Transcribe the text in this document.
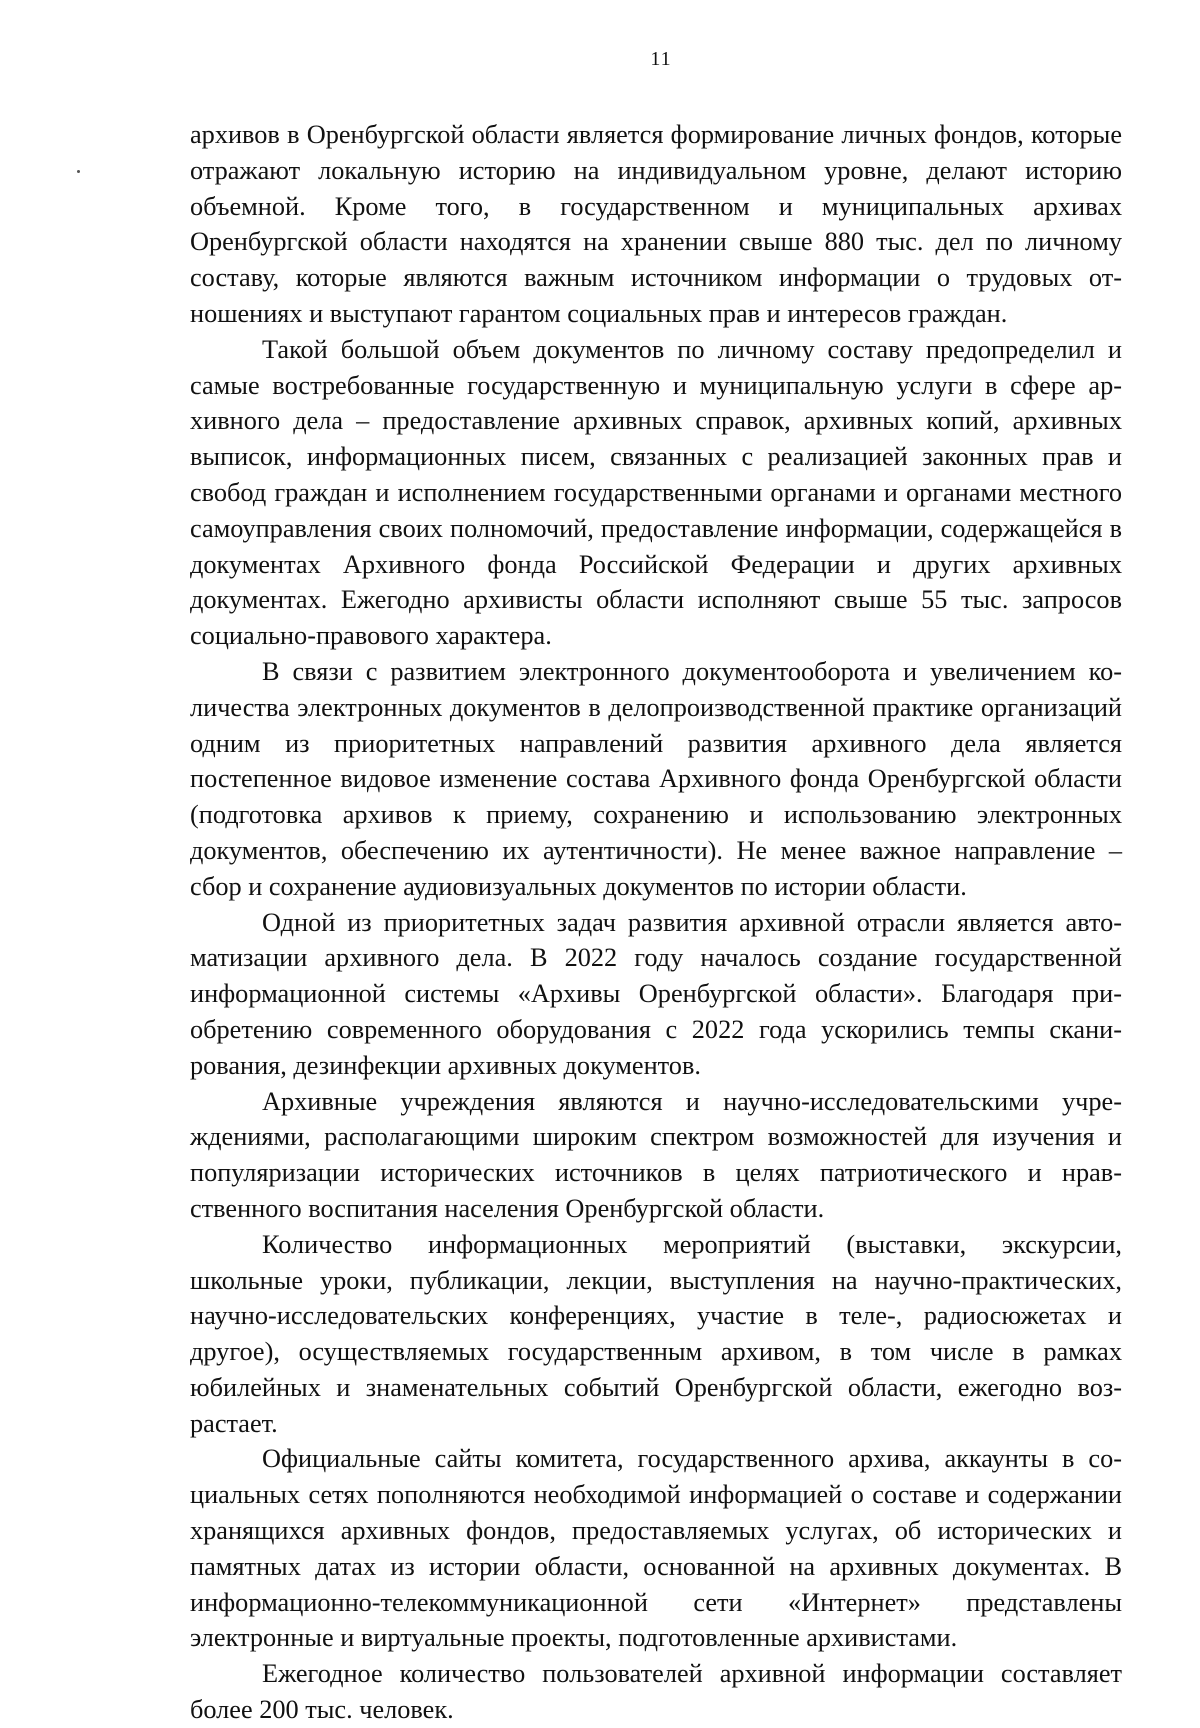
11

архивов в Оренбургской области является формирование личных фондов, которые отражают локальную историю на индивидуальном уровне, делают историю объемной. Кроме того, в государственном и муниципальных архивах Оренбургской области находятся на хранении свыше 880 тыс. дел по личному составу, которые являются важным источником информации о трудовых отношениях и выступают гарантом социальных прав и интересов граждан.

Такой большой объем документов по личному составу предопределил и самые востребованные государственную и муниципальную услуги в сфере архивного дела – предоставление архивных справок, архивных копий, архивных выписок, информационных писем, связанных с реализацией законных прав и свобод граждан и исполнением государственными органами и органами местного самоуправления своих полномочий, предоставление информации, содержащейся в документах Архивного фонда Российской Федерации и других архивных документах. Ежегодно архивисты области исполняют свыше 55 тыс. запросов социально-правового характера.

В связи с развитием электронного документооборота и увеличением количества электронных документов в делопроизводственной практике организаций одним из приоритетных направлений развития архивного дела является постепенное видовое изменение состава Архивного фонда Оренбургской области (подготовка архивов к приему, сохранению и использованию электронных документов, обеспечению их аутентичности). Не менее важное направление – сбор и сохранение аудиовизуальных документов по истории области.

Одной из приоритетных задач развития архивной отрасли является автоматизации архивного дела. В 2022 году началось создание государственной информационной системы «Архивы Оренбургской области». Благодаря приобретению современного оборудования с 2022 года ускорились темпы сканирования, дезинфекции архивных документов.

Архивные учреждения являются и научно-исследовательскими учреждениями, располагающими широким спектром возможностей для изучения и популяризации исторических источников в целях патриотического и нравственного воспитания населения Оренбургской области.

Количество информационных мероприятий (выставки, экскурсии, школьные уроки, публикации, лекции, выступления на научно-практических, научно-исследовательских конференциях, участие в теле-, радиосюжетах и другое), осуществляемых государственным архивом, в том числе в рамках юбилейных и знаменательных событий Оренбургской области, ежегодно возрастает.

Официальные сайты комитета, государственного архива, аккаунты в социальных сетях пополняются необходимой информацией о составе и содержании хранящихся архивных фондов, предоставляемых услугах, об исторических и памятных датах из истории области, основанной на архивных документах. В информационно-телекоммуникационной сети «Интернет» представлены электронные и виртуальные проекты, подготовленные архивистами.

Ежегодное количество пользователей архивной информации составляет более 200 тыс. человек.
